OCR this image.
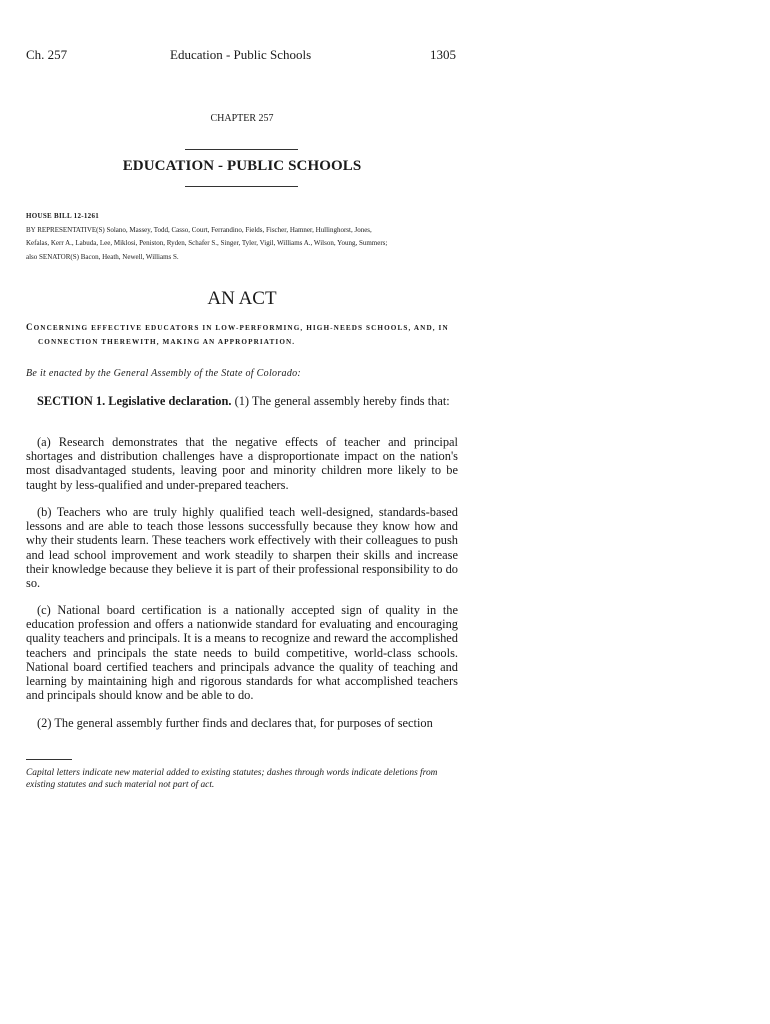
Ch. 257	Education - Public Schools	1305
CHAPTER 257
EDUCATION - PUBLIC SCHOOLS
HOUSE BILL 12-1261
BY REPRESENTATIVE(S) Solano, Massey, Todd, Casso, Court, Ferrandino, Fields, Fischer, Hamner, Hullinghorst, Jones,
Kefalas, Kerr A., Labuda, Lee, Miklosi, Peniston, Ryden, Schafer S., Singer, Tyler, Vigil, Williams A., Wilson, Young, Summers;
also SENATOR(S) Bacon, Heath, Newell, Williams S.
AN ACT
CONCERNING EFFECTIVE EDUCATORS IN LOW-PERFORMING, HIGH-NEEDS SCHOOLS, AND, IN
CONNECTION THEREWITH, MAKING AN APPROPRIATION.
Be it enacted by the General Assembly of the State of Colorado:

SECTION 1. Legislative declaration. (1) The general assembly hereby finds that:

(a) Research demonstrates that the negative effects of teacher and principal shortages and distribution challenges have a disproportionate impact on the nation's most disadvantaged students, leaving poor and minority children more likely to be taught by less-qualified and under-prepared teachers.

(b) Teachers who are truly highly qualified teach well-designed, standards-based lessons and are able to teach those lessons successfully because they know how and why their students learn. These teachers work effectively with their colleagues to push and lead school improvement and work steadily to sharpen their skills and increase their knowledge because they believe it is part of their professional responsibility to do so.

(c) National board certification is a nationally accepted sign of quality in the education profession and offers a nationwide standard for evaluating and encouraging quality teachers and principals. It is a means to recognize and reward the accomplished teachers and principals the state needs to build competitive, world-class schools. National board certified teachers and principals advance the quality of teaching and learning by maintaining high and rigorous standards for what accomplished teachers and principals should know and be able to do.

(2) The general assembly further finds and declares that, for purposes of section

Capital letters indicate new material added to existing statutes; dashes through words indicate deletions from existing statutes and such material not part of act.
